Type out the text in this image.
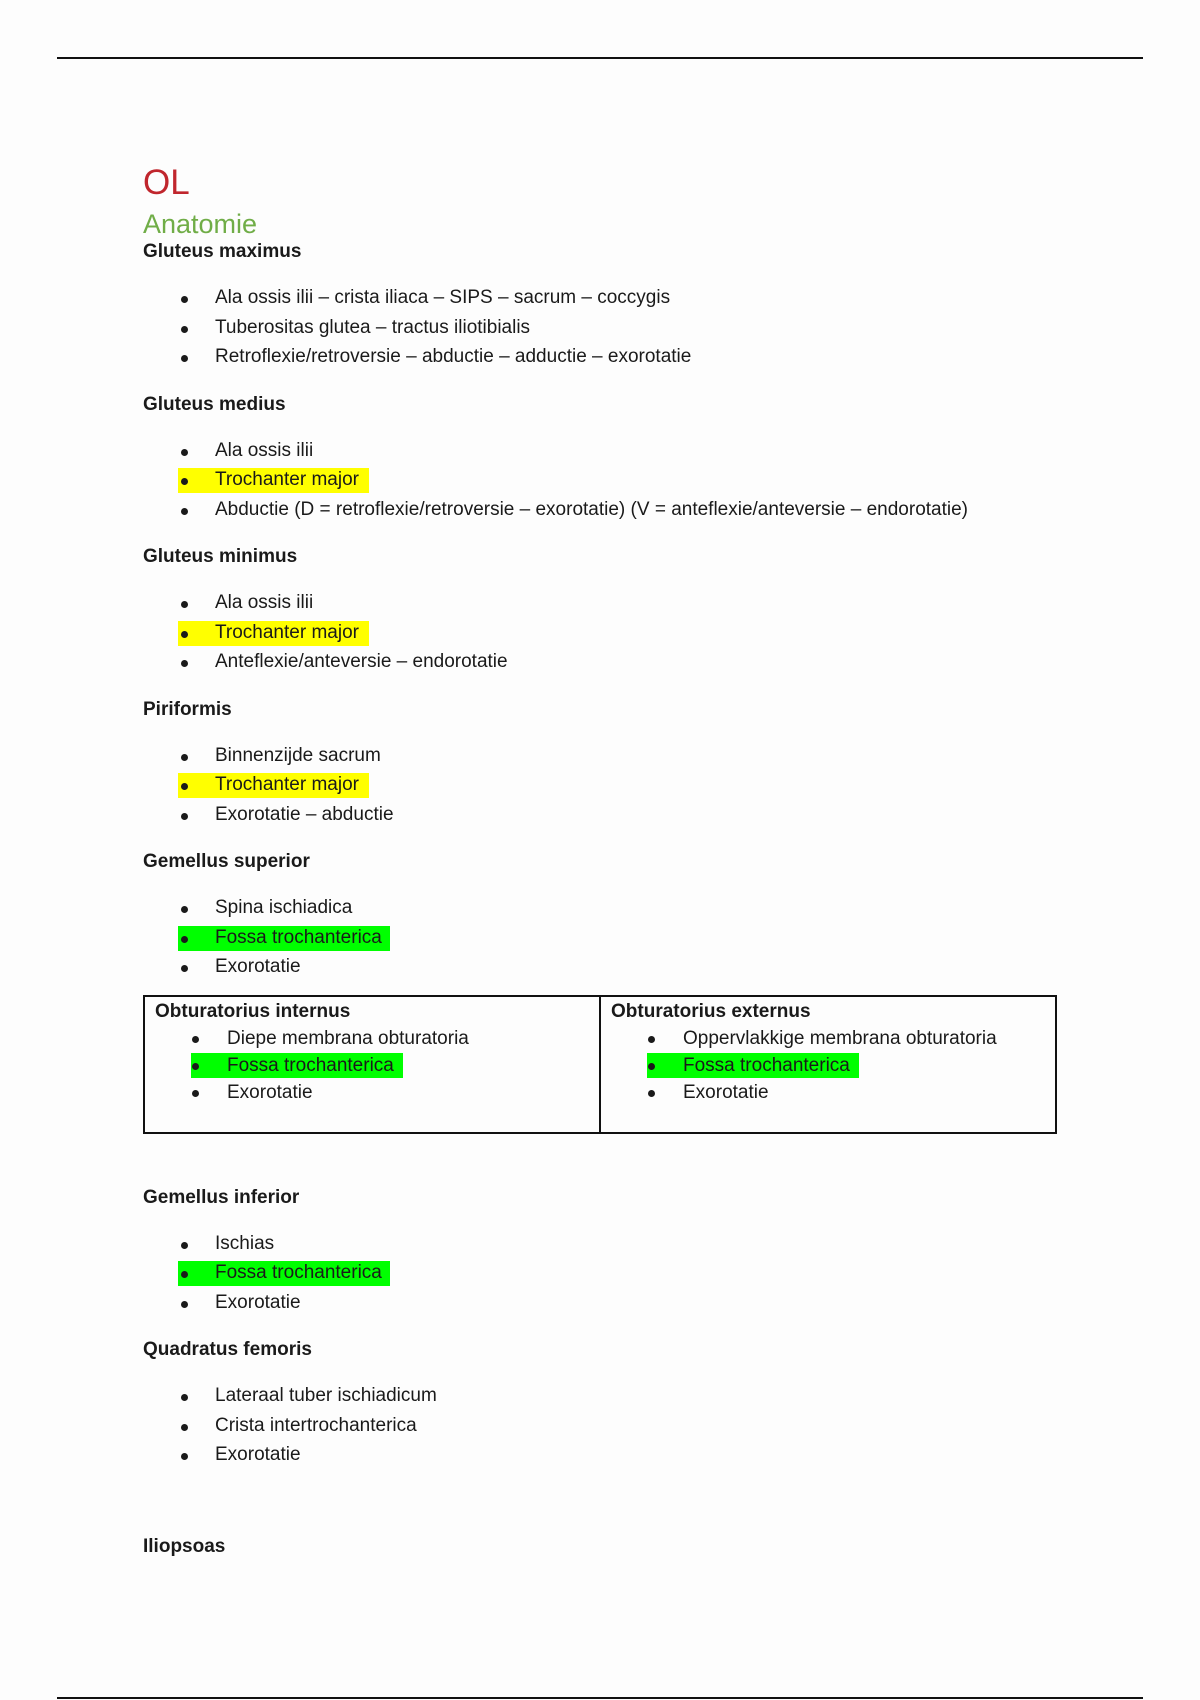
OL
Anatomie
Gluteus maximus
Ala ossis ilii – crista iliaca – SIPS – sacrum – coccygis
Tuberositas glutea – tractus iliotibialis
Retroflexie/retroversie – abductie – adductie – exorotatie
Gluteus medius
Ala ossis ilii
Trochanter major
Abductie (D = retroflexie/retroversie – exorotatie) (V = anteflexie/anteversie – endorotatie)
Gluteus minimus
Ala ossis ilii
Trochanter major
Anteflexie/anteversie – endorotatie
Piriformis
Binnenzijde sacrum
Trochanter major
Exorotatie – abductie
Gemellus superior
Spina ischiadica
Fossa trochanterica
Exorotatie
Obturatorius internus
Diepe membrana obturatoria
Fossa trochanterica
Exorotatie

Obturatorius externus
Oppervlakkige membrana obturatoria
Fossa trochanterica
Exorotatie
Gemellus inferior
Ischias
Fossa trochanterica
Exorotatie
Quadratus femoris
Lateraal tuber ischiadicum
Crista intertrochanterica
Exorotatie
Iliopsoas
